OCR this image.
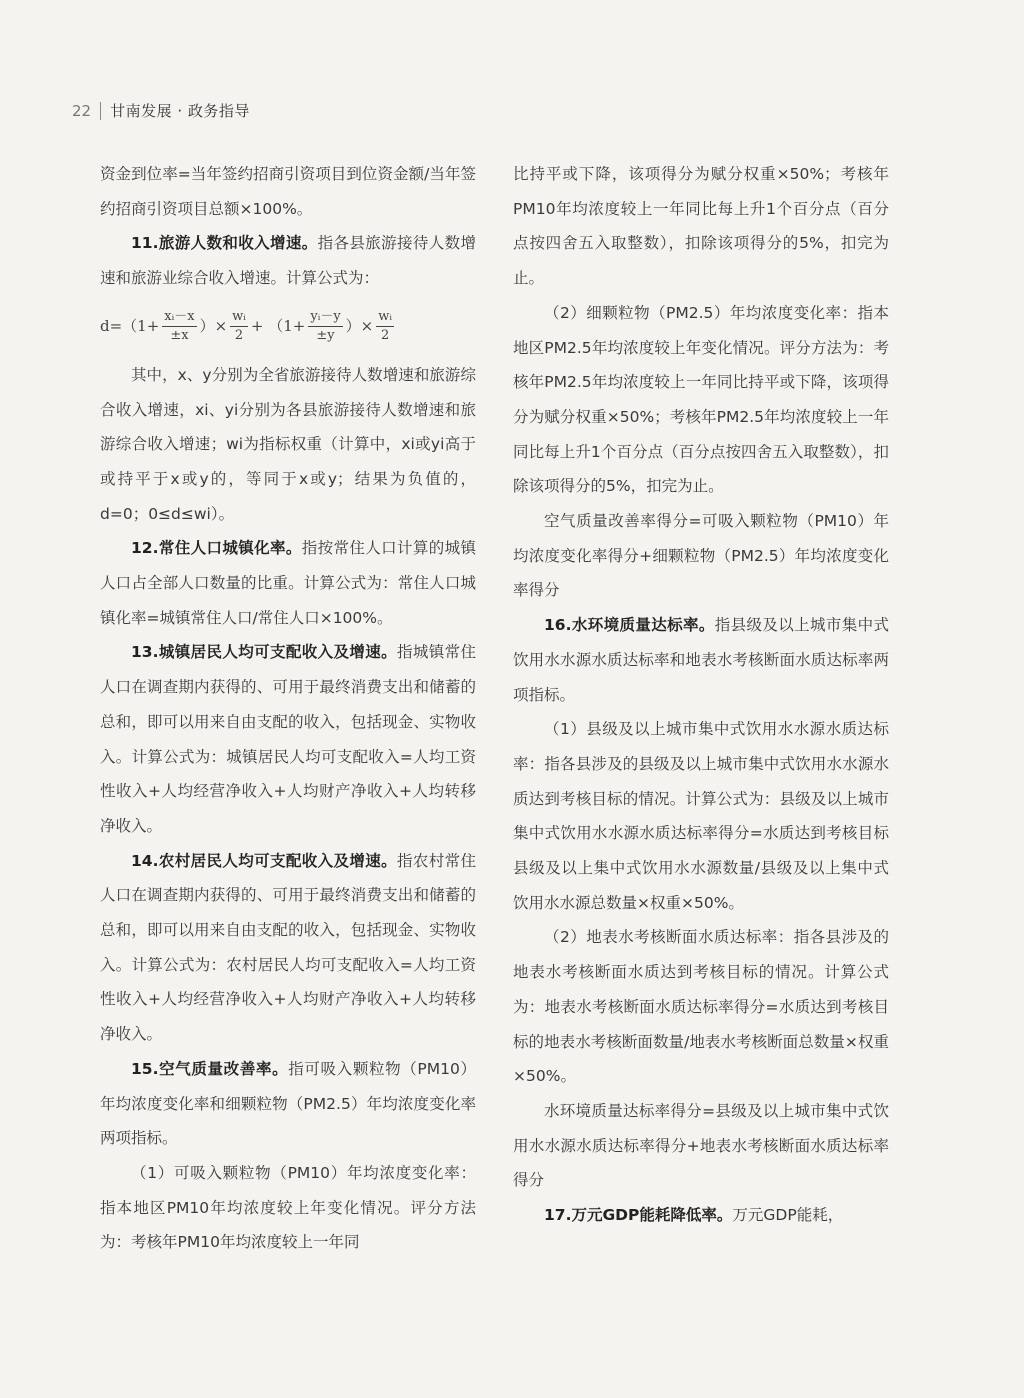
22 甘南发展 · 政务指导

资金到位率=当年签约招商引资项目到位资金额/当年签约招商引资项目总额×100%。

11.旅游人数和收入增速。指各县旅游接待人数增速和旅游业综合收入增速。计算公式为：

$d= (1+ \frac{\text{xᵢ－x}}{\pm x}$ ）× $\frac{\text{wᵢ}}{2} + (1+ \frac{\text{yᵢ－y}}{\pm y}$ ）× $\frac{\text{wᵢ}}{2}$

其中，x、y分别为全省旅游接待人数增速和旅游综合收入增速，xi、yi分别为各县旅游接待人数增速和旅游综合收入增速；wi为指标权重（计算中，xi或yi高于或持平于x或y的，等同于x或y；结果为负值的，d=0；0≤d≤wi）。

12.常住人口城镇化率。指按常住人口计算的城镇人口占全部人口数量的比重。计算公式为：常住人口城镇化率=城镇常住人口/常住人口×100%。

13.城镇居民人均可支配收入及增速。指城镇常住人口在调查期内获得的、可用于最终消费支出和储蓄的总和，即可以用来自由支配的收入，包括现金、实物收入。计算公式为：城镇居民人均可支配收入=人均工资性收入+人均经营净收入+人均财产净收入+人均转移净收入。

14.农村居民人均可支配收入及增速。指农村常住人口在调查期内获得的、可用于最终消费支出和储蓄的总和，即可以用来自由支配的收入，包括现金、实物收入。计算公式为：农村居民人均可支配收入=人均工资性收入+人均经营净收入+人均财产净收入+人均转移净收入。

15.空气质量改善率。指可吸入颗粒物（PM10）年均浓度变化率和细颗粒物（PM2.5）年均浓度变化率两项指标。

（1）可吸入颗粒物（PM10）年均浓度变化率：指本地区PM10年均浓度较上年变化情况。评分方法为：考核年PM10年均浓度较上一年同

比持平或下降，该项得分为赋分权重×50%；考核年PM10年均浓度较上一年同比每上升1个百分点（百分点按四舍五入取整数），扣除该项得分的5%，扣完为止。

（2）细颗粒物（PM2.5）年均浓度变化率：指本地区PM2.5年均浓度较上年变化情况。评分方法为：考核年PM2.5年均浓度较上一年同比持平或下降，该项得分为赋分权重×50%；考核年PM2.5年均浓度较上一年同比每上升1个百分点（百分点按四舍五入取整数），扣除该项得分的5%，扣完为止。

空气质量改善率得分=可吸入颗粒物（PM10）年均浓度变化率得分+细颗粒物（PM2.5）年均浓度变化率得分

16.水环境质量达标率。指县级及以上城市集中式饮用水水源水质达标率和地表水考核断面水质达标率两项指标。

（1）县级及以上城市集中式饮用水水源水质达标率：指各县涉及的县级及以上城市集中式饮用水水源水质达到考核目标的情况。计算公式为：县级及以上城市集中式饮用水水源水质达标率得分=水质达到考核目标县级及以上集中式饮用水水源数量/县级及以上集中式饮用水水源总数量×权重×50%。

（2）地表水考核断面水质达标率：指各县涉及的地表水考核断面水质达到考核目标的情况。计算公式为：地表水考核断面水质达标率得分=水质达到考核目标的地表水考核断面数量/地表水考核断面总数量×权重×50%。

水环境质量达标率得分=县级及以上城市集中式饮用水水源水质达标率得分+地表水考核断面水质达标率得分

17.万元GDP能耗降低率。万元GDP能耗，
